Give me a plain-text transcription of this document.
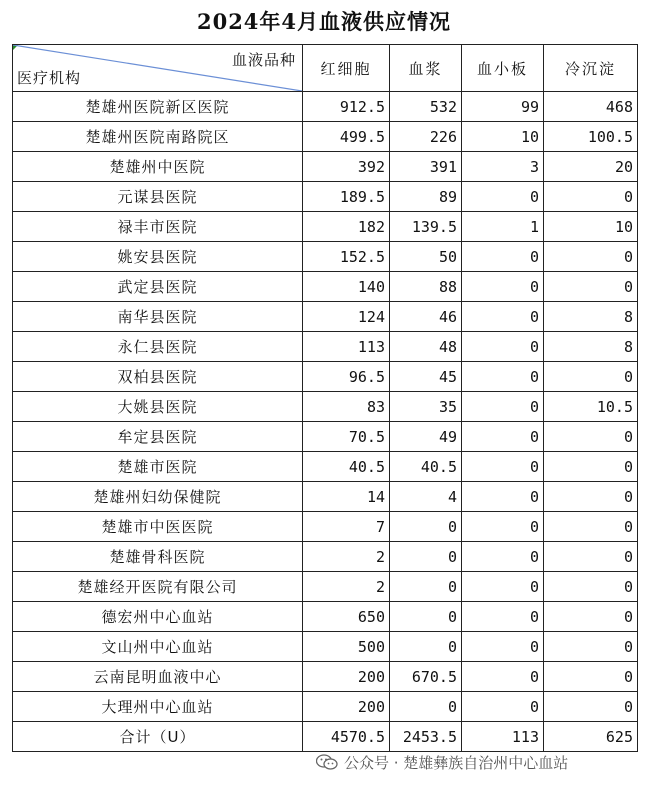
2024年4月血液供应情况
血液品种
医疗机构	红细胞	血浆	血小板	冷沉淀
楚雄州医院新区医院	912.5	532	99	468
楚雄州医院南路院区	499.5	226	10	100.5
楚雄州中医院	392	391	3	20
元谋县医院	189.5	89	0	0
禄丰市医院	182	139.5	1	10
姚安县医院	152.5	50	0	0
武定县医院	140	88	0	0
南华县医院	124	46	0	8
永仁县医院	113	48	0	8
双柏县医院	96.5	45	0	0
大姚县医院	83	35	0	10.5
牟定县医院	70.5	49	0	0
楚雄市医院	40.5	40.5	0	0
楚雄州妇幼保健院	14	4	0	0
楚雄市中医医院	7	0	0	0
楚雄骨科医院	2	0	0	0
楚雄经开医院有限公司	2	0	0	0
德宏州中心血站	650	0	0	0
文山州中心血站	500	0	0	0
云南昆明血液中心	200	670.5	0	0
大理州中心血站	200	0	0	0
合计（U）	4570.5	2453.5	113	625
公众号 · 楚雄彝族自治州中心血站
